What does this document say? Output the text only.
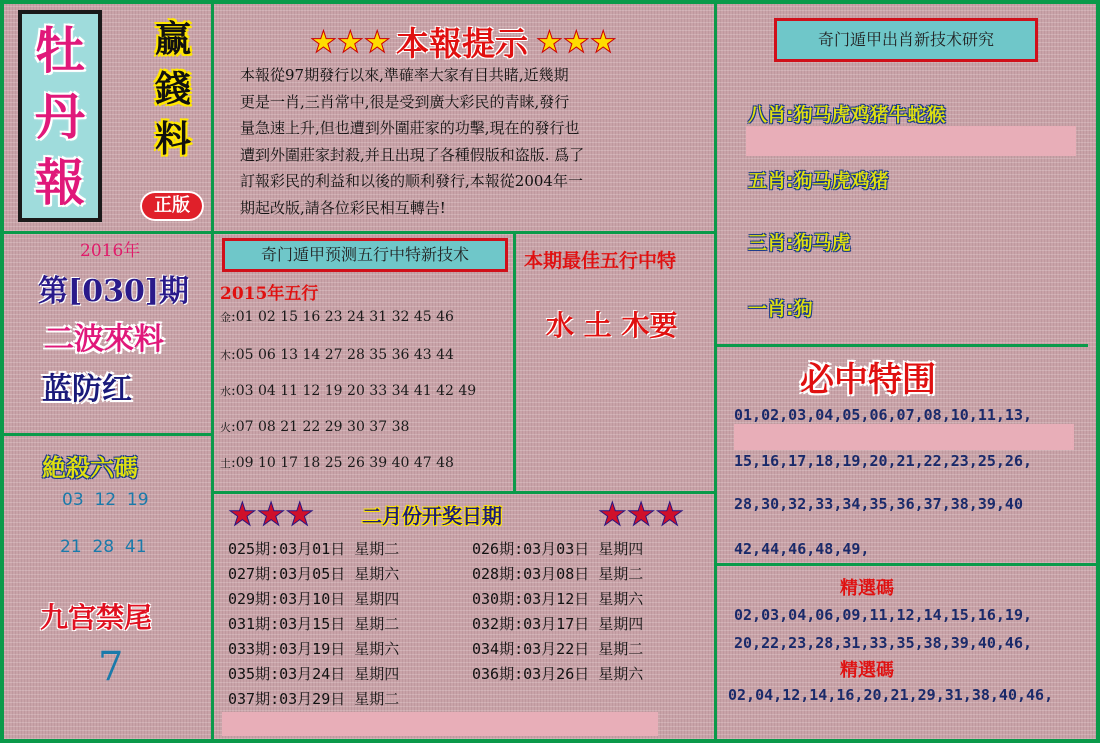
牡
丹
報
赢
錢
料
正版
★★★ 本報提示 ★★★
本報從97期發行以來,準確率大家有目共睹,近幾期
更是一肖,三肖常中,很是受到廣大彩民的青睐,發行
量急速上升,但也遭到外圍莊家的功擊,現在的發行也
遭到外圍莊家封殺,并且出現了各種假版和盗版. 爲了
訂報彩民的利益和以後的顺利發行,本報從2004年一
期起改版,請各位彩民相互轉告!
2016年
第[030]期
二波來料
蓝防红
絶殺六碼
03  12  19
21  28  41
九宫禁尾
7
奇门遁甲预测五行中特新技术
2015年五行
金:01 02 15 16 23 24 31 32 45 46
木:05 06 13 14 27 28 35 36 43 44
水:03 04 11 12 19 20 33 34 41 42 49
火:07 08 21 22 29 30 37 38
土:09 10 17 18 25 26 39 40 47 48
本期最佳五行中特
水 土 木要
奇门遁甲出肖新技术研究
八肖:狗马虎鸡猪牛蛇猴
五肖:狗马虎鸡猪
三肖:狗马虎
一肖:狗
必中特围
01,02,03,04,05,06,07,08,10,11,13,
15,16,17,18,19,20,21,22,23,25,26,
28,30,32,33,34,35,36,37,38,39,40
42,44,46,48,49,
精選碼
02,03,04,06,09,11,12,14,15,16,19,
20,22,23,28,31,33,35,38,39,40,46,
精選碼
02,04,12,14,16,20,21,29,31,38,40,46,
★★★ 二月份开奖日期	★★★
025期:03月01日 星期二	026期:03月03日 星期四
027期:03月05日 星期六	028期:03月08日 星期二
029期:03月10日 星期四	030期:03月12日 星期六
031期:03月15日 星期二	032期:03月17日 星期四
033期:03月19日 星期六	034期:03月22日 星期二
035期:03月24日 星期四	036期:03月26日 星期六
037期:03月29日 星期二
